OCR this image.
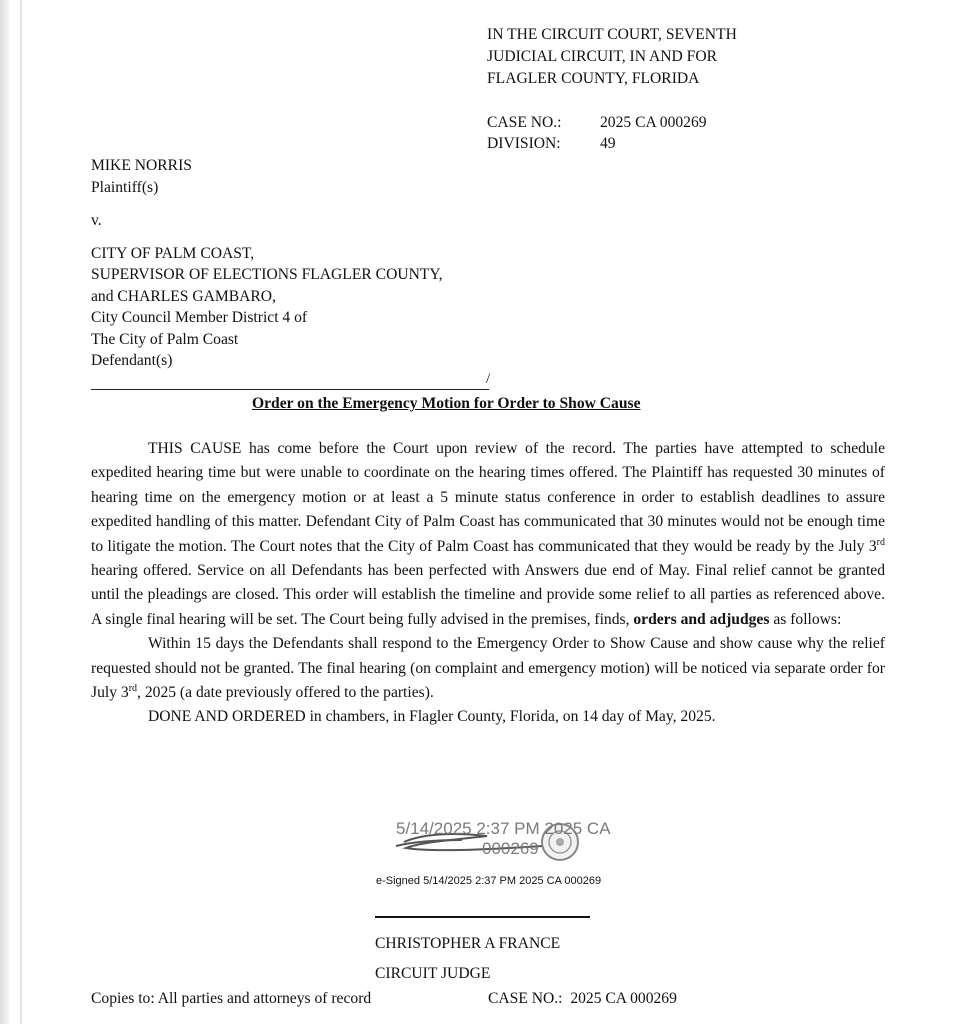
IN THE CIRCUIT COURT, SEVENTH
JUDICIAL CIRCUIT, IN AND FOR
FLAGLER COUNTY, FLORIDA
CASE NO.: 2025 CA 000269
DIVISION:	49
MIKE NORRIS
Plaintiff(s)
v.
CITY OF PALM COAST,
SUPERVISOR OF ELECTIONS FLAGLER COUNTY,
and CHARLES GAMBARO,
City Council Member District 4 of
The City of Palm Coast
Defendant(s)
/
Order on the Emergency Motion for Order to Show Cause

THIS CAUSE has come before the Court upon review of the record. The parties have attempted to schedule expedited hearing time but were unable to coordinate on the hearing times offered. The Plaintiff has requested 30 minutes of hearing time on the emergency motion or at least a 5 minute status conference in order to establish deadlines to assure expedited handling of this matter. Defendant City of Palm Coast has communicated that 30 minutes would not be enough time to litigate the motion. The Court notes that the City of Palm Coast has communicated that they would be ready by the July 3rd hearing offered. Service on all Defendants has been perfected with Answers due end of May. Final relief cannot be granted until the pleadings are closed. This order will establish the timeline and provide some relief to all parties as referenced above. A single final hearing will be set. The Court being fully advised in the premises, finds, orders and adjudges as follows:

Within 15 days the Defendants shall respond to the Emergency Order to Show Cause and show cause why the relief requested should not be granted. The final hearing (on complaint and emergency motion) will be noticed via separate order for July 3rd, 2025 (a date previously offered to the parties).

DONE AND ORDERED in chambers, in Flagler County, Florida, on 14 day of May, 2025.

5/14/2025 2:37 PM 2025 CA
000269
e-Signed 5/14/2025 2:37 PM 2025 CA 000269
CHRISTOPHER A FRANCE
CIRCUIT JUDGE
Copies to: All parties and attorneys of record	CASE NO.: 2025 CA 000269
